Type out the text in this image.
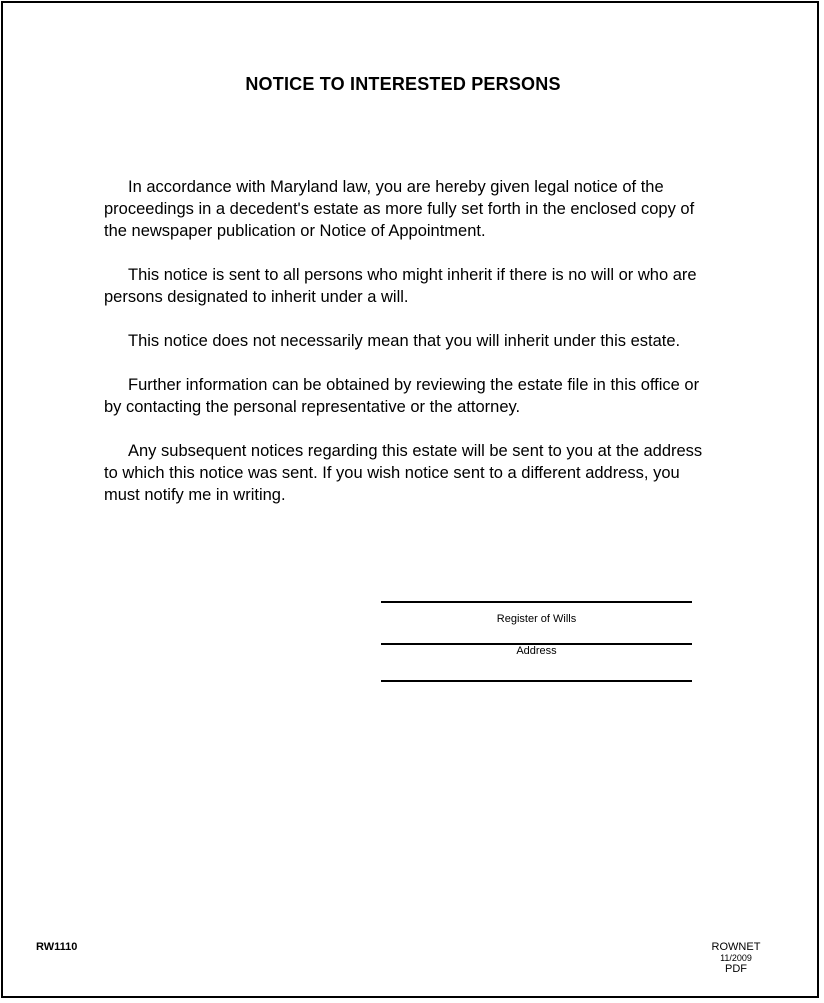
NOTICE TO INTERESTED PERSONS

In accordance with Maryland law, you are hereby given legal notice of the proceedings in a decedent's estate as more fully set forth in the enclosed copy of the newspaper publication or Notice of Appointment.

This notice is sent to all persons who might inherit if there is no will or who are persons designated to inherit under a will.

This notice does not necessarily mean that you will inherit under this estate.

Further information can be obtained by reviewing the estate file in this office or by contacting the personal representative or the attorney.

Any subsequent notices regarding this estate will be sent to you at the address to which this notice was sent. If you wish notice sent to a different address, you must notify me in writing.

Register of Wills
Address
RW1110	ROWNET
11/2009
PDF
